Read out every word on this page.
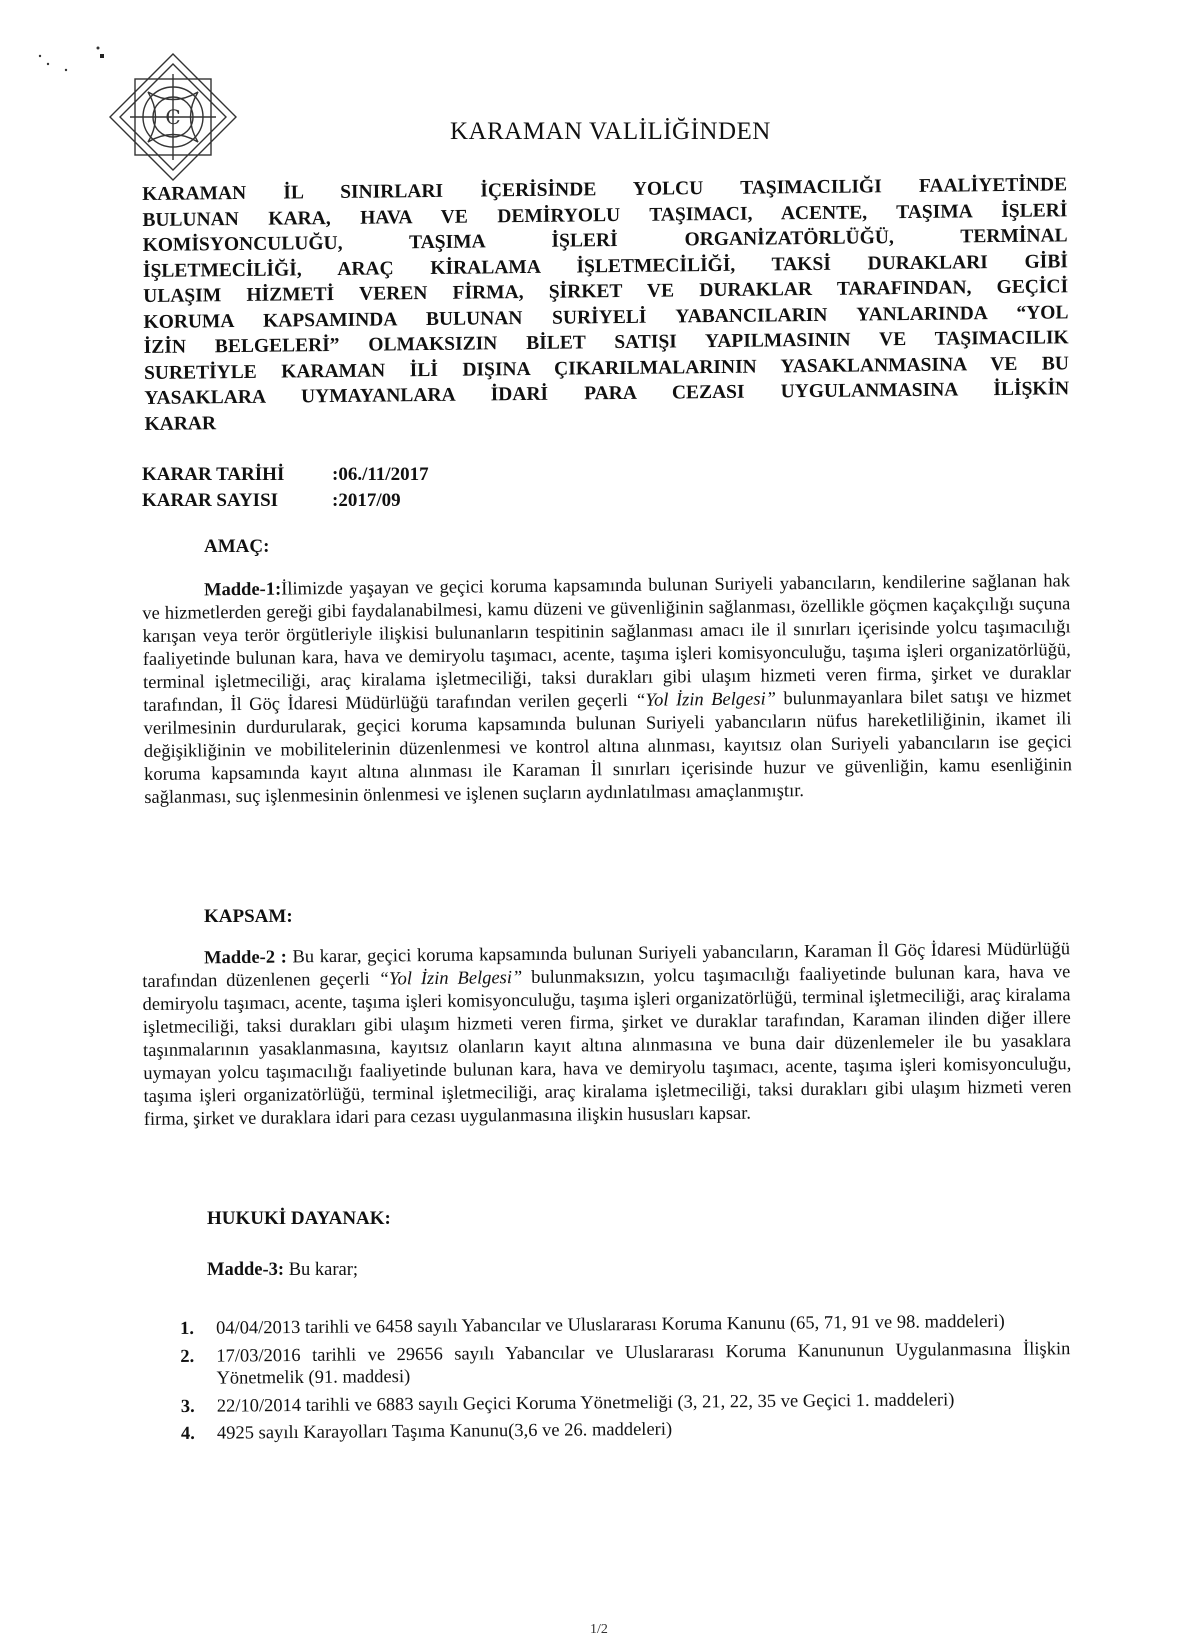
C
KARAMAN VALİLİĞİNDEN
KARAMAN İL SINIRLARI İÇERİSİNDE YOLCU TAŞIMACILIĞI FAALİYETİNDE
BULUNAN KARA, HAVA VE DEMİRYOLU TAŞIMACI, ACENTE, TAŞIMA İŞLERİ
KOMİSYONCULUĞU, TAŞIMA İŞLERİ ORGANİZATÖRLÜĞÜ, TERMİNAL
İŞLETMECİLİĞİ, ARAÇ KİRALAMA İŞLETMECİLİĞİ, TAKSİ DURAKLARI GİBİ
ULAŞIM HİZMETİ VEREN FİRMA, ŞİRKET VE DURAKLAR TARAFINDAN, GEÇİCİ
KORUMA KAPSAMINDA BULUNAN SURİYELİ YABANCILARIN YANLARINDA “YOL
İZİN BELGELERİ” OLMAKSIZIN BİLET SATIŞI YAPILMASININ VE TAŞIMACILIK
SURETİYLE KARAMAN İLİ DIŞINA ÇIKARILMALARININ YASAKLANMASINA VE BU
YASAKLARA UYMAYANLARA İDARİ PARA CEZASI UYGULANMASINA İLİŞKİN
KARAR
KARAR TARİHİ	:06./11/2017
KARAR SAYISI	:2017/09
AMAÇ:
Madde-1:İlimizde yaşayan ve geçici koruma kapsamında bulunan Suriyeli yabancıların, kendilerine sağlanan hak ve hizmetlerden gereği gibi faydalanabilmesi, kamu düzeni ve güvenliğinin sağlanması, özellikle göçmen kaçakçılığı suçuna karışan veya terör örgütleriyle ilişkisi bulunanların tespitinin sağlanması amacı ile il sınırları içerisinde yolcu taşımacılığı faaliyetinde bulunan kara, hava ve demiryolu taşımacı, acente, taşıma işleri komisyonculuğu, taşıma işleri organizatörlüğü, terminal işletmeciliği, araç kiralama işletmeciliği, taksi durakları gibi ulaşım hizmeti veren firma, şirket ve duraklar tarafından, İl Göç İdaresi Müdürlüğü tarafından verilen geçerli “Yol İzin Belgesi” bulunmayanlara bilet satışı ve hizmet verilmesinin durdurularak, geçici koruma kapsamında bulunan Suriyeli yabancıların nüfus hareketliliğinin, ikamet ili değişikliğinin ve mobilitelerinin düzenlenmesi ve kontrol altına alınması, kayıtsız olan Suriyeli yabancıların ise geçici koruma kapsamında kayıt altına alınması ile Karaman İl sınırları içerisinde huzur ve güvenliğin, kamu esenliğinin sağlanması, suç işlenmesinin önlenmesi ve işlenen suçların aydınlatılması amaçlanmıştır.
KAPSAM:
Madde-2 : Bu karar, geçici koruma kapsamında bulunan Suriyeli yabancıların, Karaman İl Göç İdaresi Müdürlüğü tarafından düzenlenen geçerli “Yol İzin Belgesi” bulunmaksızın, yolcu taşımacılığı faaliyetinde bulunan kara, hava ve demiryolu taşımacı, acente, taşıma işleri komisyonculuğu, taşıma işleri organizatörlüğü, terminal işletmeciliği, araç kiralama işletmeciliği, taksi durakları gibi ulaşım hizmeti veren firma, şirket ve duraklar tarafından, Karaman ilinden diğer illere taşınmalarının yasaklanmasına, kayıtsız olanların kayıt altına alınmasına ve buna dair düzenlemeler ile bu yasaklara uymayan yolcu taşımacılığı faaliyetinde bulunan kara, hava ve demiryolu taşımacı, acente, taşıma işleri komisyonculuğu, taşıma işleri organizatörlüğü, terminal işletmeciliği, araç kiralama işletmeciliği, taksi durakları gibi ulaşım hizmeti veren firma, şirket ve duraklara idari para cezası uygulanmasına ilişkin hususları kapsar.
HUKUKİ DAYANAK:
Madde-3: Bu karar;
1.	04/04/2013 tarihli ve 6458 sayılı Yabancılar ve Uluslararası Koruma Kanunu (65, 71, 91 ve 98. maddeleri)
2.	17/03/2016 tarihli ve 29656 sayılı Yabancılar ve Uluslararası Koruma Kanununun Uygulanmasına İlişkin Yönetmelik (91. maddesi)
3.	22/10/2014 tarihli ve 6883 sayılı Geçici Koruma Yönetmeliği (3, 21, 22, 35 ve Geçici 1. maddeleri)
4.	4925 sayılı Karayolları Taşıma Kanunu(3,6 ve 26. maddeleri)
1/2
